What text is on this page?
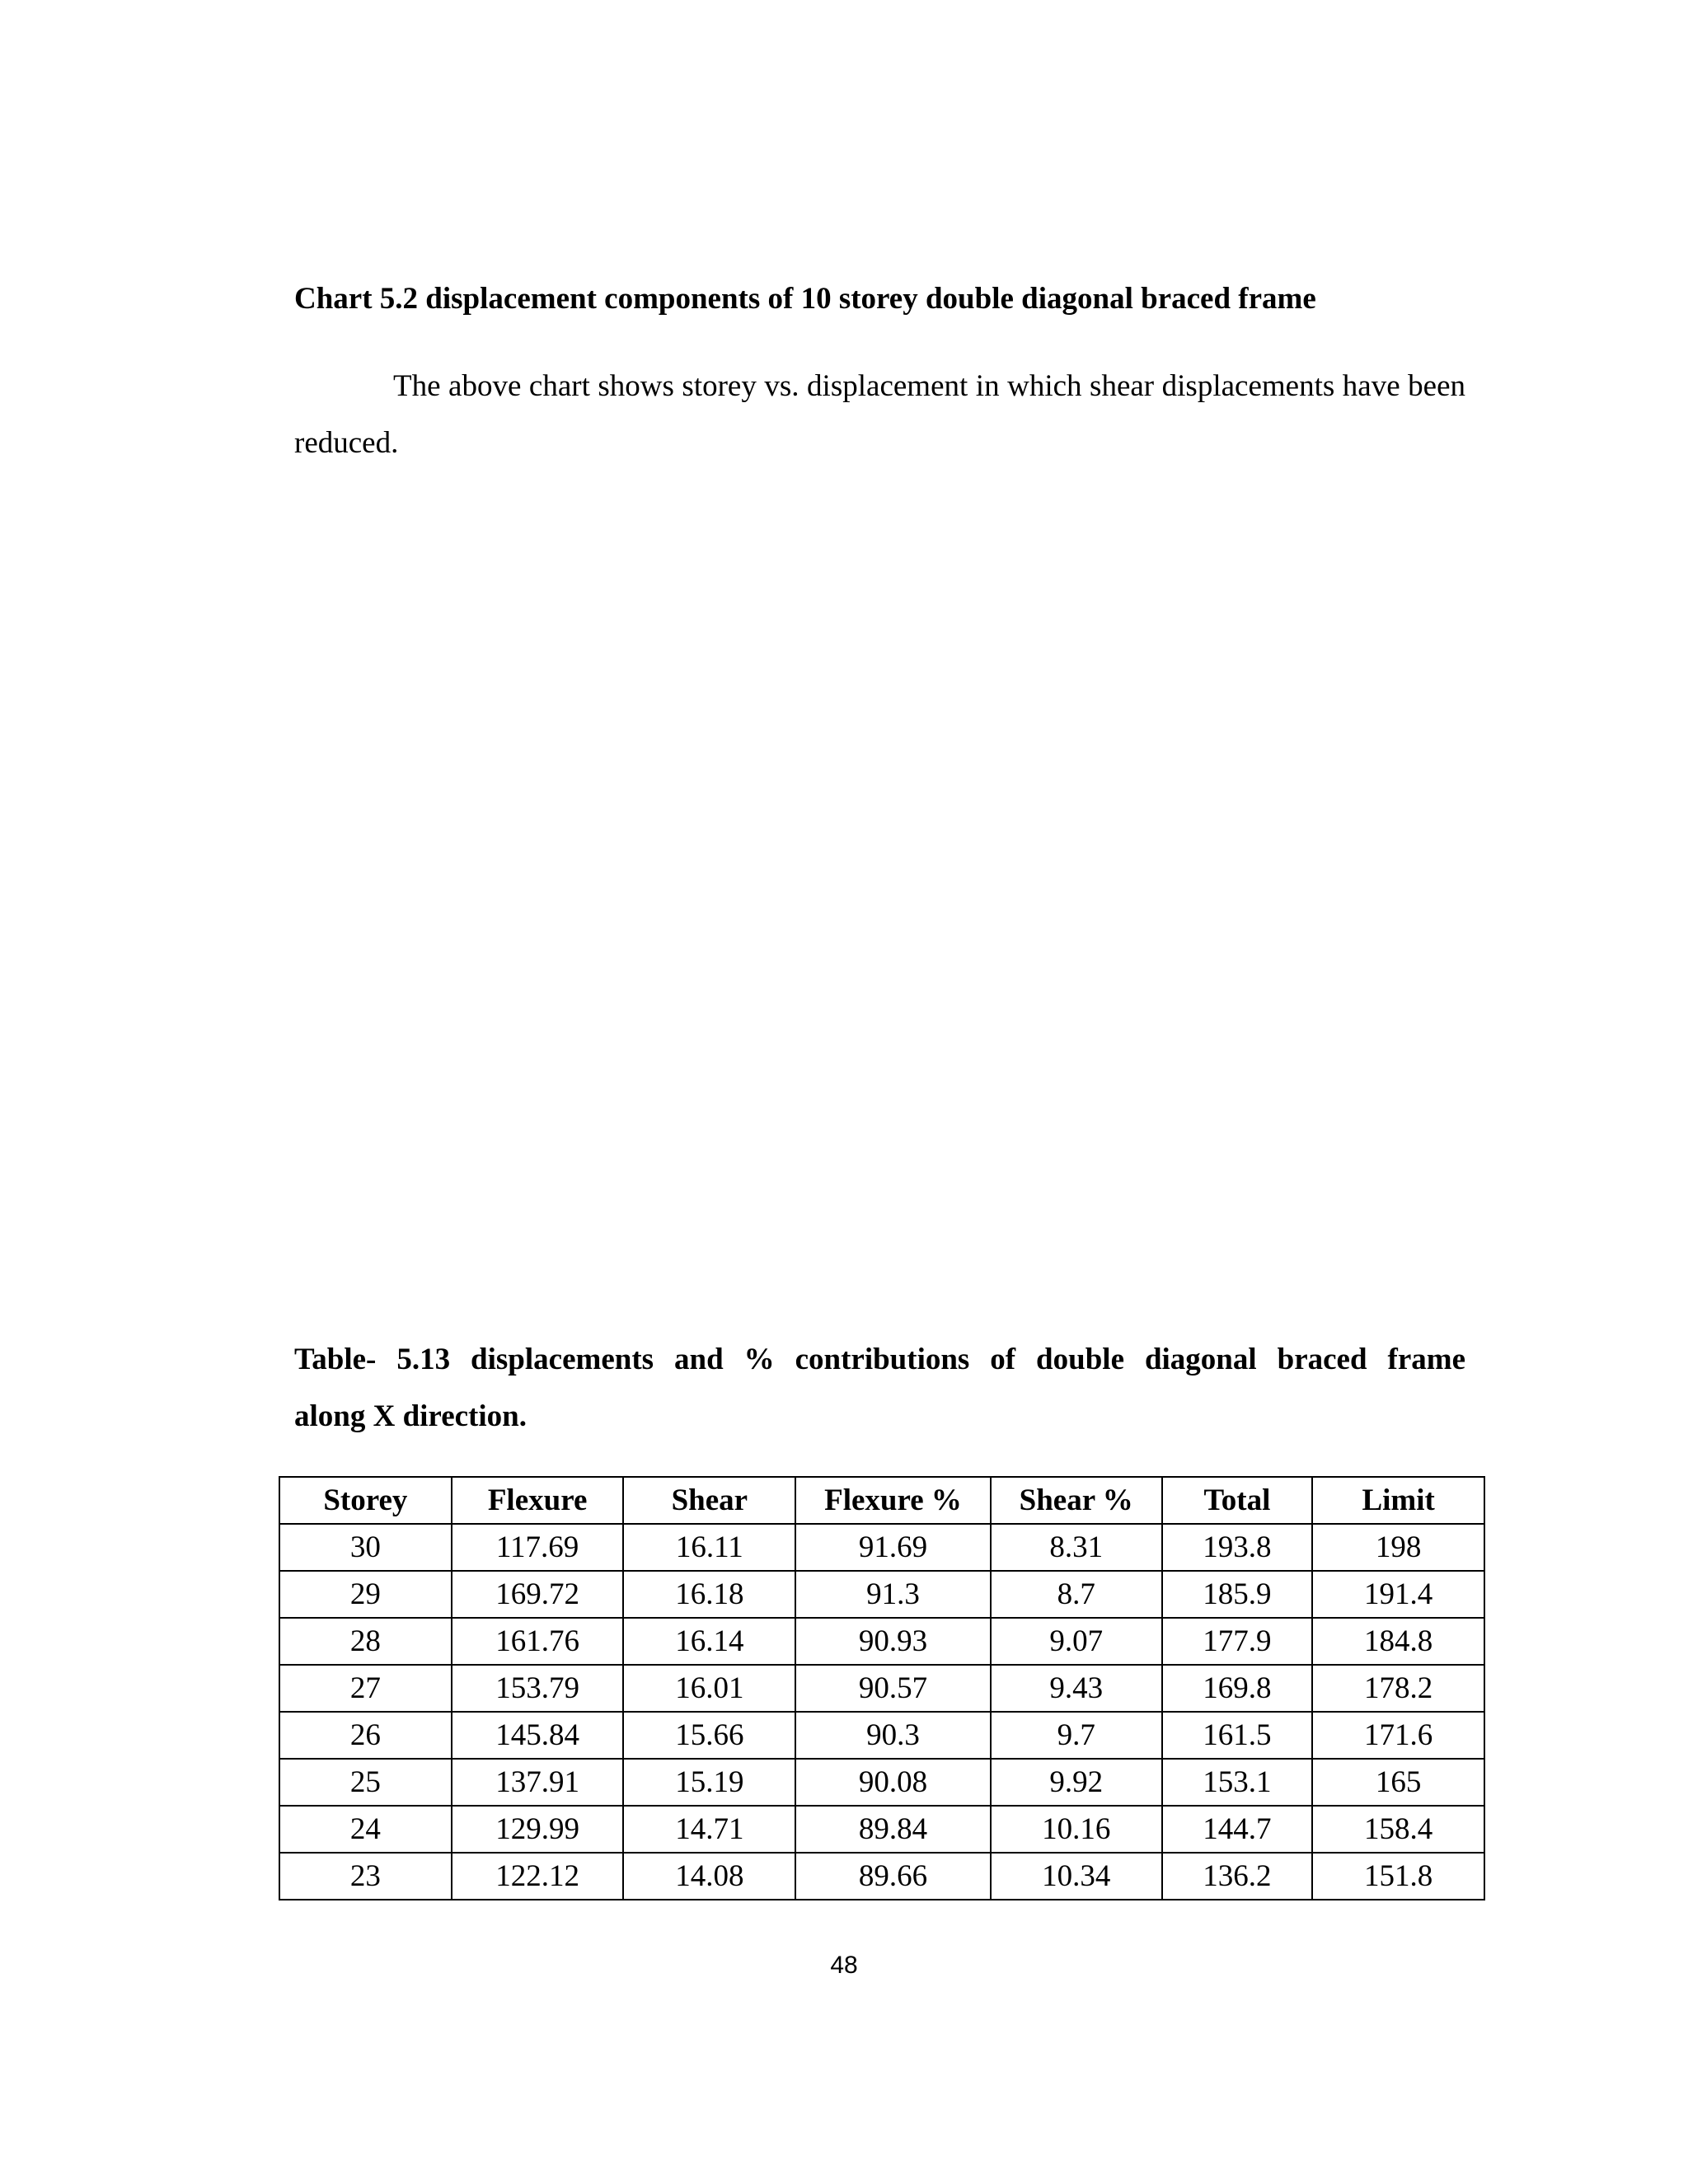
Chart 5.2 displacement components of 10 storey double diagonal braced frame

The above chart shows storey vs. displacement in which shear displacements have been reduced.

Table- 5.13 displacements and % contributions of double diagonal braced frame
along X direction.

Storey	Flexure	Shear	Flexure %	Shear %	Total	Limit
30	117.69	16.11	91.69	8.31	193.8	198
29	169.72	16.18	91.3	8.7	185.9	191.4
28	161.76	16.14	90.93	9.07	177.9	184.8
27	153.79	16.01	90.57	9.43	169.8	178.2
26	145.84	15.66	90.3	9.7	161.5	171.6
25	137.91	15.19	90.08	9.92	153.1	165
24	129.99	14.71	89.84	10.16	144.7	158.4
23	122.12	14.08	89.66	10.34	136.2	151.8
48
